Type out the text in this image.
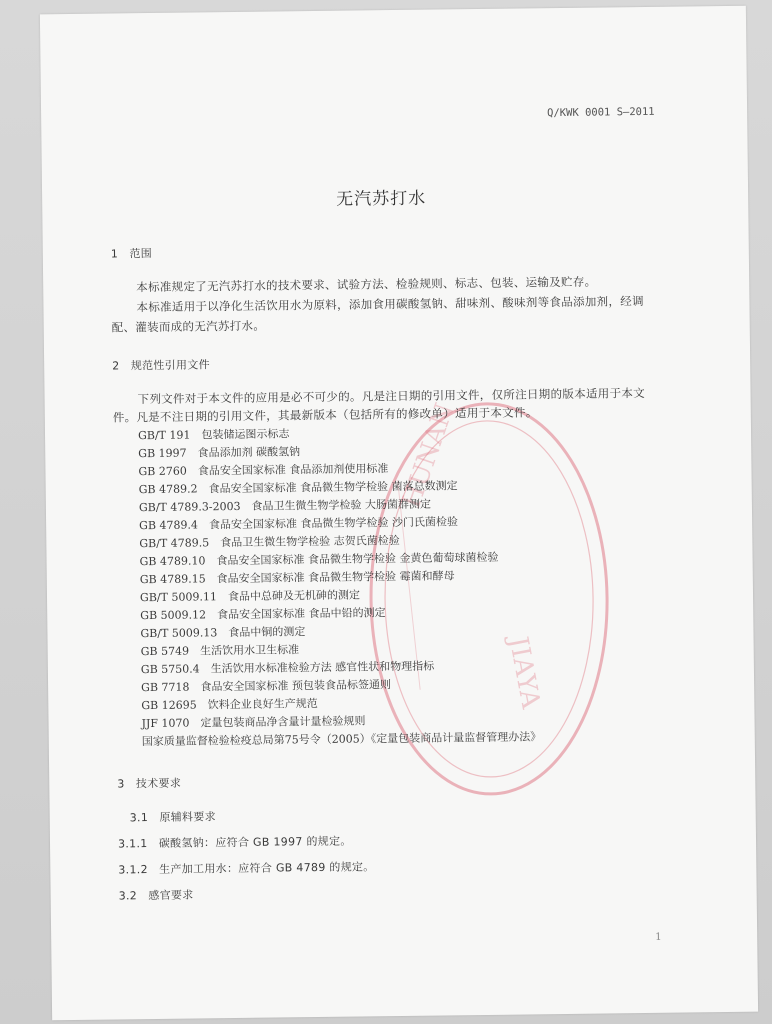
HUNAN
JIAYA
Q/KWK 0001 S—2011
无汽苏打水
1　范围
本标准规定了无汽苏打水的技术要求、试验方法、检验规则、标志、包装、运输及贮存。
本标准适用于以净化生活饮用水为原料，添加食用碳酸氢钠、甜味剂、酸味剂等食品添加剂，经调
配、灌装而成的无汽苏打水。
2　规范性引用文件
下列文件对于本文件的应用是必不可少的。凡是注日期的引用文件，仅所注日期的版本适用于本文
件。凡是不注日期的引用文件，其最新版本（包括所有的修改单）适用于本文件。
GB/T 191　包装储运图示标志
GB 1997　食品添加剂 碳酸氢钠
GB 2760　食品安全国家标准 食品添加剂使用标准
GB 4789.2　食品安全国家标准 食品微生物学检验 菌落总数测定
GB/T 4789.3-2003　食品卫生微生物学检验 大肠菌群测定
GB 4789.4　食品安全国家标准 食品微生物学检验 沙门氏菌检验
GB/T 4789.5　食品卫生微生物学检验 志贺氏菌检验
GB 4789.10　食品安全国家标准 食品微生物学检验 金黄色葡萄球菌检验
GB 4789.15　食品安全国家标准 食品微生物学检验 霉菌和酵母
GB/T 5009.11　食品中总砷及无机砷的测定
GB 5009.12　食品安全国家标准 食品中铅的测定
GB/T 5009.13　食品中铜的测定
GB 5749　生活饮用水卫生标准
GB 5750.4　生活饮用水标准检验方法 感官性状和物理指标
GB 7718　食品安全国家标准 预包装食品标签通则
GB 12695　饮料企业良好生产规范
JJF 1070　定量包装商品净含量计量检验规则
国家质量监督检验检疫总局第75号令（2005）《定量包装商品计量监督管理办法》
3　技术要求
3.1　原辅料要求
3.1.1　碳酸氢钠：应符合 GB 1997 的规定。
3.1.2　生产加工用水：应符合 GB 4789 的规定。
3.2　感官要求
1
